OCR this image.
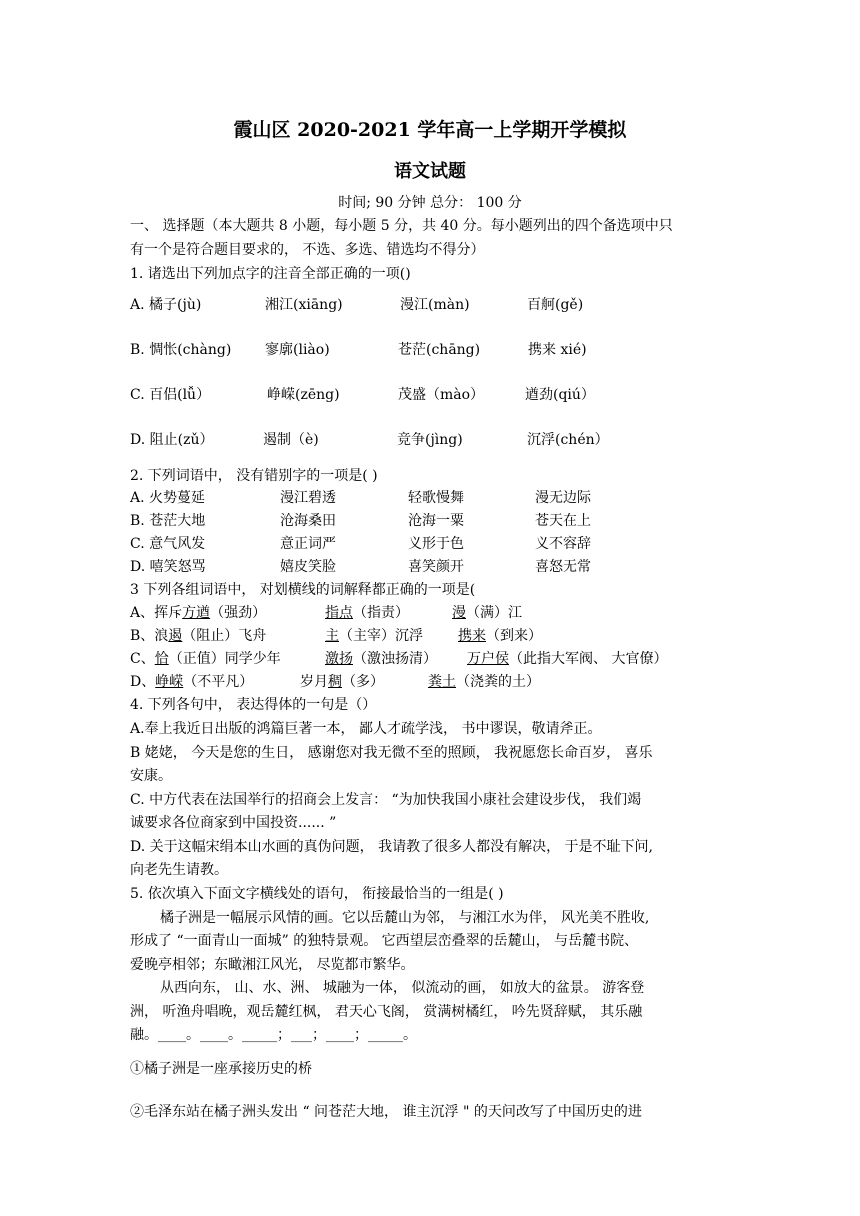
霞山区 2020-2021 学年高一上学期开学模拟
语文试题
时间; 90 分钟 总分： 100 分
一、 选择题（本大题共 8 小题，每小题 5 分，共 40 分。每小题列出的四个备选项中只
有一个是符合题目要求的， 不选、多选、错选均不得分）
1. 诸选出下列加点字的注音全部正确的一项()
A. 橘子(jù)	湘江(xiāng)	漫江(màn)	百舸(gě)
B. 惆怅(chàng) 寥廓(liào)	苍茫(chāng)	携来 xié)
C. 百侣(lǚ）	峥嵘(zēng)	茂盛（mào）	遒劲(qiú）
D. 阻止(zǔ）	遏制（è)	竞争(jìng)	沉浮(chén）
2. 下列词语中， 没有错别字的一项是( )
A. 火势蔓延	漫江碧透	轻歌慢舞	漫无边际
B. 苍茫大地	沧海桑田	沧海一粟	苍天在上
C. 意气风发	意正词严	义形于色	义不容辞
D. 嘻笑怒骂	嬉皮笑脸	喜笑颜开	喜怒无常
3 下列各组词语中， 对划横线的词解释都正确的一项是(
A、挥斥方遒（强劲）	指点（指责）	漫（满）江
B、浪遏（阻止）飞舟	主（主宰）沉浮	携来（到来）
C、恰（正值）同学少年	激扬（激浊扬清） 万户侯（此指大军阀、 大官僚）
D、峥嵘（不平凡）	岁月稠（多）	粪土（浇粪的土）
4. 下列各句中， 表达得体的一句是（）
A.奉上我近日出版的鸿篇巨著一本， 鄙人才疏学浅， 书中谬误，敬请斧正。
B 姥姥， 今天是您的生日， 感谢您对我无微不至的照顾， 我祝愿您长命百岁， 喜乐
安康。
C. 中方代表在法国举行的招商会上发言： “为加快我国小康社会建设步伐， 我们竭
诚要求各位商家到中国投资...... ”
D. 关于这幅宋绢本山水画的真伪问题， 我请教了很多人都没有解决， 于是不耻下问,
向老先生请教。
5. 依次填入下面文字横线处的语句， 衔接最恰当的一组是( )
橘子洲是一幅展示风情的画。它以岳麓山为邻， 与湘江水为伴， 风光美不胜收,
形成了 “一面青山一面城” 的独特景观。 它西望层峦叠翠的岳麓山， 与岳麓书院、
爱晚亭相邻；东瞰湘江风光， 尽览都市繁华。
从西向东， 山、水、洲、 城融为一体， 似流动的画， 如放大的盆景。 游客登
洲， 听渔舟唱晚，观岳麓红枫， 君天心飞阁， 赏满树橘红， 吟先贤辞赋， 其乐融
融。____。____。_____；___；____；_____。
①橘子洲是一座承接历史的桥
②毛泽东站在橘子洲头发出 “ 问苍茫大地， 谁主沉浮 " 的天问改写了中国历史的进
